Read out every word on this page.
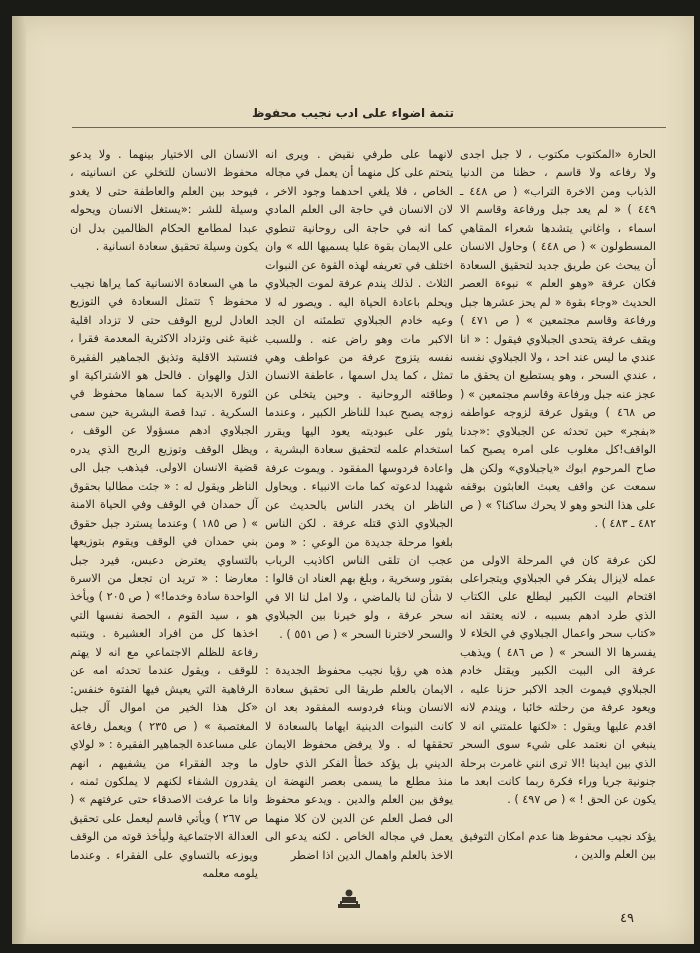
تتمة اضواء على ادب نجيب محفوظ

الحارة «المكتوب مكتوب ، لا جبل اجدى ولا رفاعه ولا قاسم ، حظنا من الدنيا الذباب ومن الاخرة التراب» ( ص ٤٤٨ ـ ٤٤٩ ) « لم يعد جبل ورفاعة وقاسم الا اسماء ، واغاني يتشدها شعراء المقاهي المسطولون » ( ص ٤٤٨ ) وحاول الانسان أن يبحث عن طريق جديد لتحقيق السعادة فكان عرفة «وهو العلم » نبوءة العصر الحديث «وجاء بقوة « لم يحز عشرها جبل ورفاعة وقاسم مجتمعين » ( ص ٤٧١ ) ويقف عرفة يتحدى الجبلاوي فيقول : « انا عندي ما ليس عند احد ، ولا الجبلاوي نفسه ، عندي السحر ، وهو يستطيع ان يحقق ما عجز عنه جبل ورفاعة وقاسم مجتمعين » ( ص ٤٦٨ ) ويقول عرفة لزوجه عواطفه «بفجر» حين تحدثه عن الجبلاوي :«جدنا الواقف!كل مغلوب على امره يصيح كما صاح المرحوم ابوك «ياجبلاوي» ولكن هل سمعت عن واقف يعبث العابثون بوقفه على هذا النحو وهو لا يحرك ساكنا؟ » ( ص ٤٨٢ ـ ٤٨٣ ) .

لكن عرفة كان في المرحلة الاولى من عمله لايزال يفكر في الجبلاوي ويتجراعلى اقتحام البيت الكبير ليطلع على الكتاب الذي طرد ادهم بسببه ، لانه يعتقد انه «كتاب سحر واعمال الجبلاوي في الخلاء لا يفسرها الا السحر » ( ص ٤٨٦ ) ويذهب عرفة الى البيت الكبير ويقتل خادم الجبلاوي فيموت الجد الاكبر حزنا عليه ، ويعود عرفة من رحلته خائبا ، ويندم لانه اقدم عليها ويقول : «لكنها علمتني انه لا ينبغي ان نعتمد على شيء سوى السحر الذي بين ايدينا !الا ترى انني غامرت برحلة جنونية جريا وراء فكرة ربما كانت ابعد ما يكون عن الحق ! » ( ص ٤٩٧ ) .

يؤكد نجيب محفوظ هنا عدم امكان التوفيق بين العلم والدين ،

لانهما على طرفي نقيض . ويرى انه يتحتم على كل منهما أن يعمل في مجاله الخاص ، فلا يلغي احدهما وجود الاخر ، لان الانسان في حاجة الى العلم المادي كما انه في حاجة الى روحانية تنطوي على الايمان بقوة عليا يسميها الله » وان اختلف في تعريفه لهذه القوة عن النبوات الثلاث . لذلك يندم عرفة لموت الجبلاوي ويحلم باعادة الحياة اليه . ويصور له لا وعيه خادم الجبلاوي تطمئنه ان الجد الاكبر مات وهو راض عنه . وللسبب نفسه يتزوج عرفة من عواطف وهي تمثل ، كما يدل اسمها ، عاطفة الانسان وطاقته الروحانية . وحين يتخلى عن زوجه يصبح عبدا للناظر الكبير ، وعندما يثور على عبوديته يعود اليها ويقرر استخدام علمه لتحقيق سعادة البشرية ، واعادة فردوسها المفقود . ويموت عرفة شهيدا لدعوته كما مات الانبياء . ويحاول الناظر ان يخدر الناس بالحديث عن الجبلاوي الذي قتله عرفة . لكن الناس بلغوا مرحلة جديدة من الوعي : « ومن عجب ان تلقى الناس اكاذيب الرباب بفتور وسخرية ، وبلغ بهم العناد ان قالوا : لا شأن لنا بالماضي ، ولا امل لنا الا في سحر عرفة ، ولو خيرنا بين الجبلاوي والسحر لاخترنا السحر » ( ص ٥٥١ ) .

هذه هي رؤيا نجيب محفوظ الجديدة : الايمان بالعلم طريقا الى تحقيق سعادة الانسان وبناء فردوسه المفقود بعد ان كانت النبوات الدينية ايهاما بالسعادة لا تحققها له . ولا يرفض محفوظ الايمان الديني بل يؤكد خطأ الفكر الذي حاول منذ مطلع ما يسمى بعصر النهضة ان يوفق بين العلم والدين . ويدعو محفوظ الى فصل العلم عن الدين لان كلا منهما يعمل في مجاله الخاص . لكنه يدعو الى الاخذ بالعلم واهمال الدين اذا اضطر

الانسان الى الاختيار بينهما . ولا يدعو محفوظ الانسان للتخلي عن انسانيته ، فيوحد بين العلم والعاطفة حتى لا يغدو وسيلة للشر :«يستغل الانسان ويحوله عبدا لمطامع الحكام الظالمين بدل ان يكون وسيلة تحقيق سعادة انسانية .

ما هي السعادة الانسانية كما يراها نجيب محفوظ ؟ تتمثل السعادة في التوزيع العادل لريع الوقف حتى لا تزداد اقلية غنية غنى وتزداد الاكثرية المعدمة فقرا ، فتستبد الاقلية وتذيق الجماهير الفقيرة الذل والهوان . فالحل هو الاشتراكية او الثورة الابدية كما سماها محفوظ في السكرية . تبدا قصة البشرية حين سمى الجبلاوي ادهم مسؤولا عن الوقف ، ويظل الوقف وتوزيع الربح الذي يدره قضية الانسان الاولى. فيذهب جبل الى الناظر ويقول له : « جئت مطالبا بحقوق آل حمدان في الوقف وفي الحياة الامنة » ( ص ١٨٥ ) وعندما يسترد جبل حقوق بني حمدان في الوقف ويقوم بتوزيعها بالتساوي يعترض دعبس، فيرد جبل معارضا : « تريد ان تجعل من الاسرة الواحدة سادة وخدما!» ( ص ٢٠٥ ) ويأخذ هو ، سيد القوم ، الحصة نفسها التي اخذها كل من افراد العشيرة . ويتنبه رفاعة للظلم الاجتماعي مع انه لا يهتم للوقف ، ويقول عندما تحدثه امه عن الرفاهية التي يعيش فيها الفتوة خنفس: «كل هذا الخير من اموال آل جبل المغتصبة » ( ص ٢٣٥ ) ويعمل رفاعة على مساعدة الجماهير الفقيرة : « لولاي ما وجد الفقراء من يشفيهم ، انهم يقدرون الشفاء لكنهم لا يملكون ثمنه ، وانا ما عرفت الاصدقاء حتى عرفتهم » ( ص ٢٦٧ ) ويأتي قاسم ليعمل على تحقيق العدالة الاجتماعية وليأخذ قوته من الوقف ويوزعه بالتساوي على الفقراء . وعندما يلومه معلمه

٤٩
